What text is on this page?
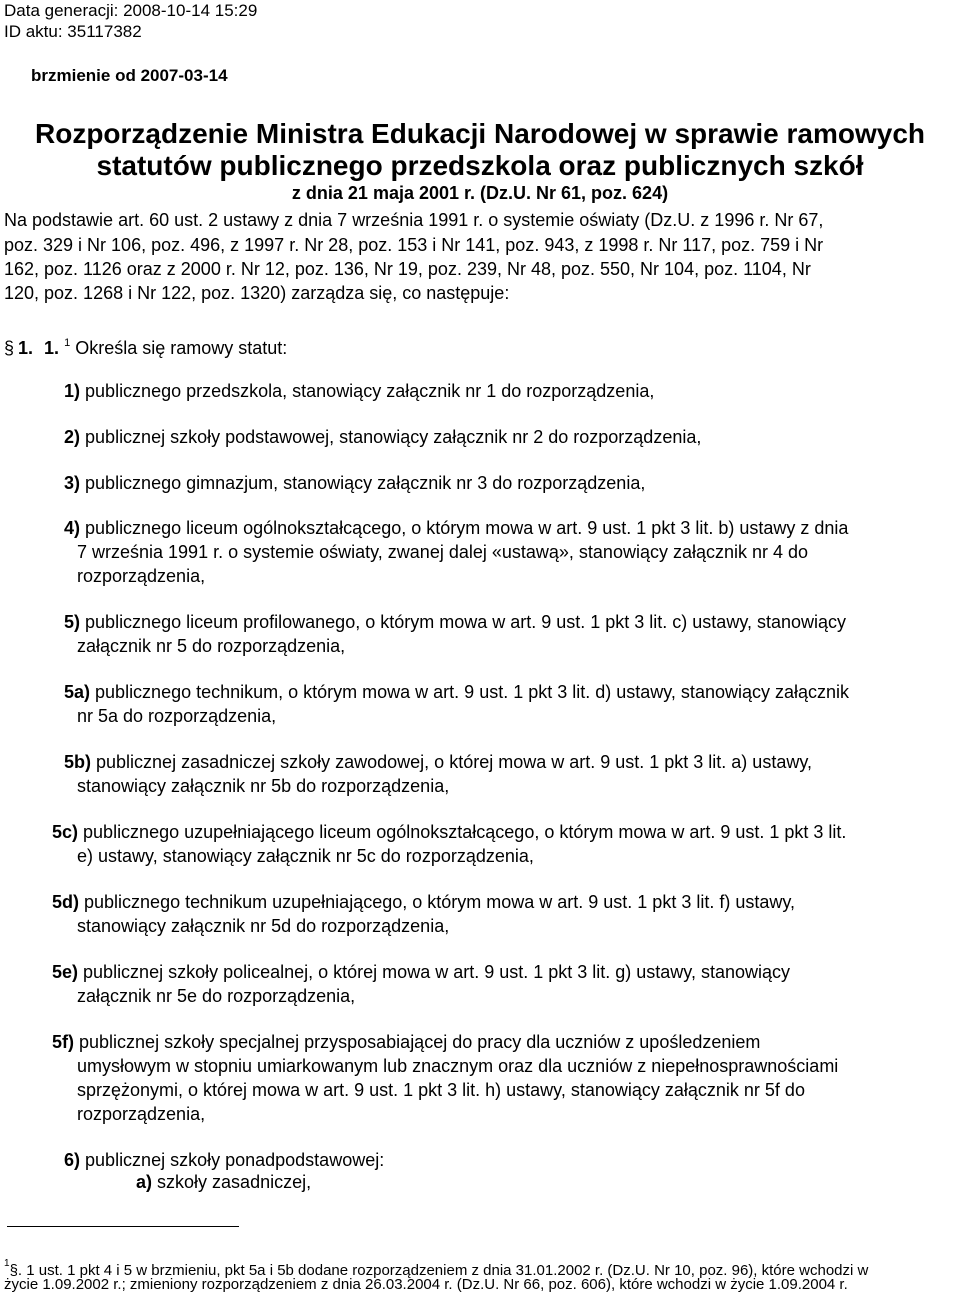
Data generacji: 2008-10-14 15:29
ID aktu: 35117382
brzmienie od 2007-03-14
Rozporządzenie Ministra Edukacji Narodowej w sprawie ramowych
statutów publicznego przedszkola oraz publicznych szkół
z dnia 21 maja 2001 r. (Dz.U. Nr 61, poz. 624)
Na podstawie art. 60 ust. 2 ustawy z dnia 7 września 1991 r. o systemie oświaty (Dz.U. z 1996 r. Nr 67,
poz. 329 i Nr 106, poz. 496, z 1997 r. Nr 28, poz. 153 i Nr 141, poz. 943, z 1998 r. Nr 117, poz. 759 i Nr
162, poz. 1126 oraz z 2000 r. Nr 12, poz. 136, Nr 19, poz. 239, Nr 48, poz. 550, Nr 104, poz. 1104, Nr
120, poz. 1268 i Nr 122, poz. 1320) zarządza się, co następuje:
§ 1. 1. $^1$ Określa się ramowy statut:
1) publicznego przedszkola, stanowiący załącznik nr 1 do rozporządzenia,
2) publicznej szkoły podstawowej, stanowiący załącznik nr 2 do rozporządzenia,
3) publicznego gimnazjum, stanowiący załącznik nr 3 do rozporządzenia,
4) publicznego liceum ogólnokształcącego, o którym mowa w art. 9 ust. 1 pkt 3 lit. b) ustawy z dnia
7 września 1991 r. o systemie oświaty, zwanej dalej «ustawą», stanowiący załącznik nr 4 do
rozporządzenia,
5) publicznego liceum profilowanego, o którym mowa w art. 9 ust. 1 pkt 3 lit. c) ustawy, stanowiący
załącznik nr 5 do rozporządzenia,
5a) publicznego technikum, o którym mowa w art. 9 ust. 1 pkt 3 lit. d) ustawy, stanowiący załącznik
nr 5a do rozporządzenia,
5b) publicznej zasadniczej szkoły zawodowej, o której mowa w art. 9 ust. 1 pkt 3 lit. a) ustawy,
stanowiący załącznik nr 5b do rozporządzenia,
5c) publicznego uzupełniającego liceum ogólnokształcącego, o którym mowa w art. 9 ust. 1 pkt 3 lit.
e) ustawy, stanowiący załącznik nr 5c do rozporządzenia,
5d) publicznego technikum uzupełniającego, o którym mowa w art. 9 ust. 1 pkt 3 lit. f) ustawy,
stanowiący załącznik nr 5d do rozporządzenia,
5e) publicznej szkoły policealnej, o której mowa w art. 9 ust. 1 pkt 3 lit. g) ustawy, stanowiący
załącznik nr 5e do rozporządzenia,
5f) publicznej szkoły specjalnej przysposabiającej do pracy dla uczniów z upośledzeniem
umysłowym w stopniu umiarkowanym lub znacznym oraz dla uczniów z niepełnosprawnościami
sprzężonymi, o której mowa w art. 9 ust. 1 pkt 3 lit. h) ustawy, stanowiący załącznik nr 5f do
rozporządzenia,
6) publicznej szkoły ponadpodstawowej:
a) szkoły zasadniczej,
$^1$§. 1 ust. 1 pkt 4 i 5 w brzmieniu, pkt 5a i 5b dodane rozporządzeniem z dnia 31.01.2002 r. (Dz.U. Nr 10, poz. 96), które wchodzi w
życie 1.09.2002 r.; zmieniony rozporządzeniem z dnia 26.03.2004 r. (Dz.U. Nr 66, poz. 606), które wchodzi w życie 1.09.2004 r.
